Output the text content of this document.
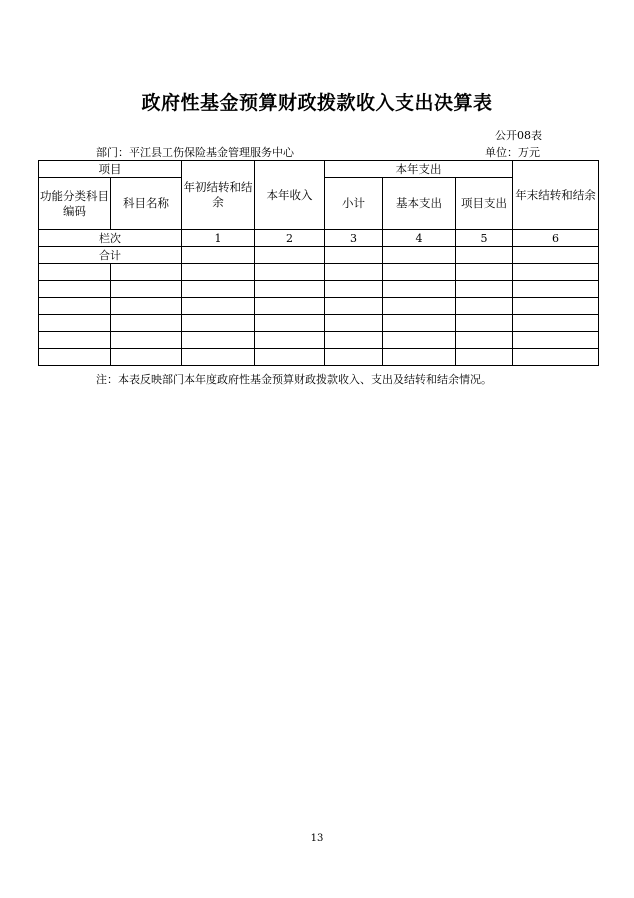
政府性基金预算财政拨款收入支出决算表
公开08表
部门：平江县工伤保险基金管理服务中心	单位：万元
项目		年初结转和结余	本年收入	本年支出			年末结转和结余
功能分类科目编码	科目名称			小计	基本支出	项目支出	
栏次		1	2	3	4	5	6
合计							

注：本表反映部门本年度政府性基金预算财政拨款收入、支出及结转和结余情况。
13
